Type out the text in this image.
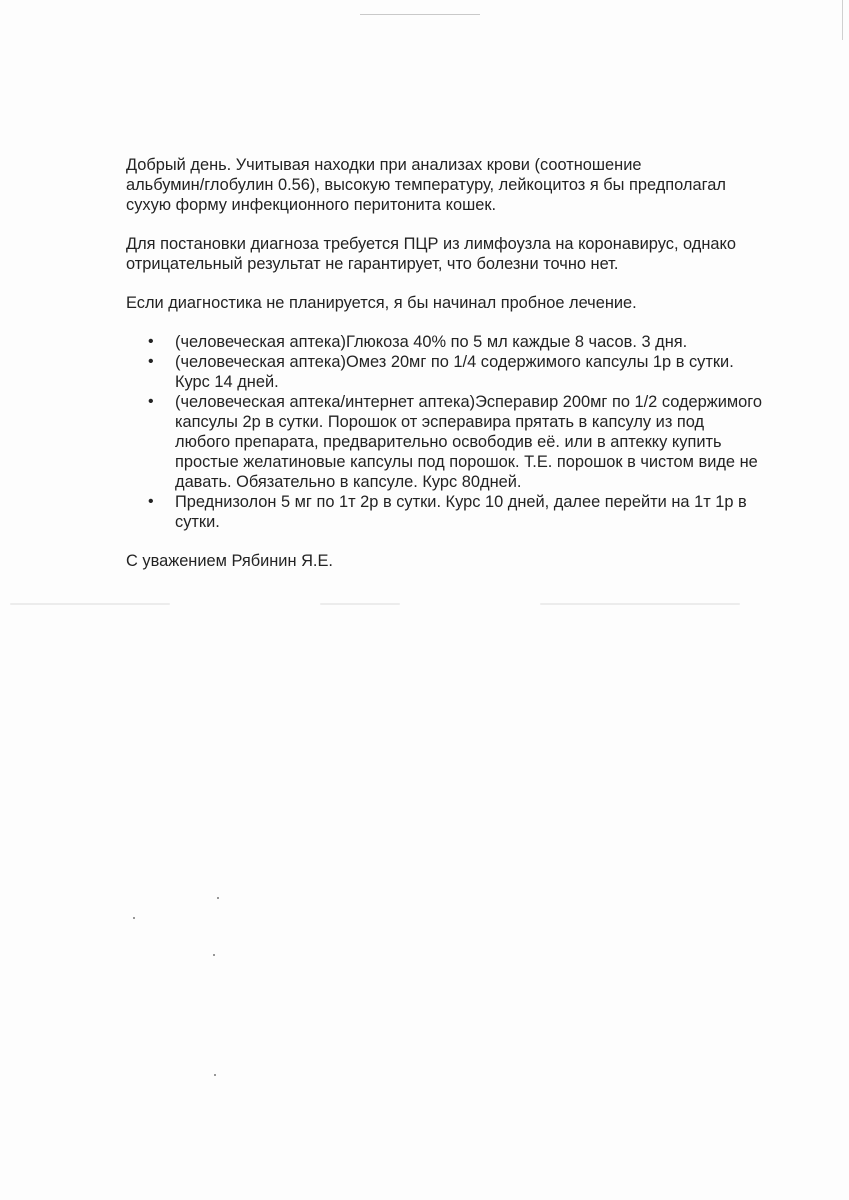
Добрый день. Учитывая находки при анализах крови (соотношение
альбумин/глобулин 0.56), высокую температуру, лейкоцитоз я бы предполагал
сухую форму инфекционного перитонита кошек.

Для постановки диагноза требуется ПЦР из лимфоузла на коронавирус, однако
отрицательный результат не гарантирует, что болезни точно нет.

Если диагностика не планируется, я бы начинал пробное лечение.

• (человеческая аптека)Глюкоза 40% по 5 мл каждые 8 часов. 3 дня.
• (человеческая аптека)Омез 20мг по 1/4 содержимого капсулы 1р в сутки.
Курс 14 дней.
• (человеческая аптека/интернет аптека)Эсперавир 200мг по 1/2 содержимого
капсулы 2р в сутки. Порошок от эсперавира прятать в капсулу из под
любого препарата, предварительно освободив её. или в аптекку купить
простые желатиновые капсулы под порошок. Т.Е. порошок в чистом виде не
давать. Обязательно в капсуле. Курс 80дней.
• Преднизолон 5 мг по 1т 2р в сутки. Курс 10 дней, далее перейти на 1т 1р в
сутки.

С уважением Рябинин Я.Е.
